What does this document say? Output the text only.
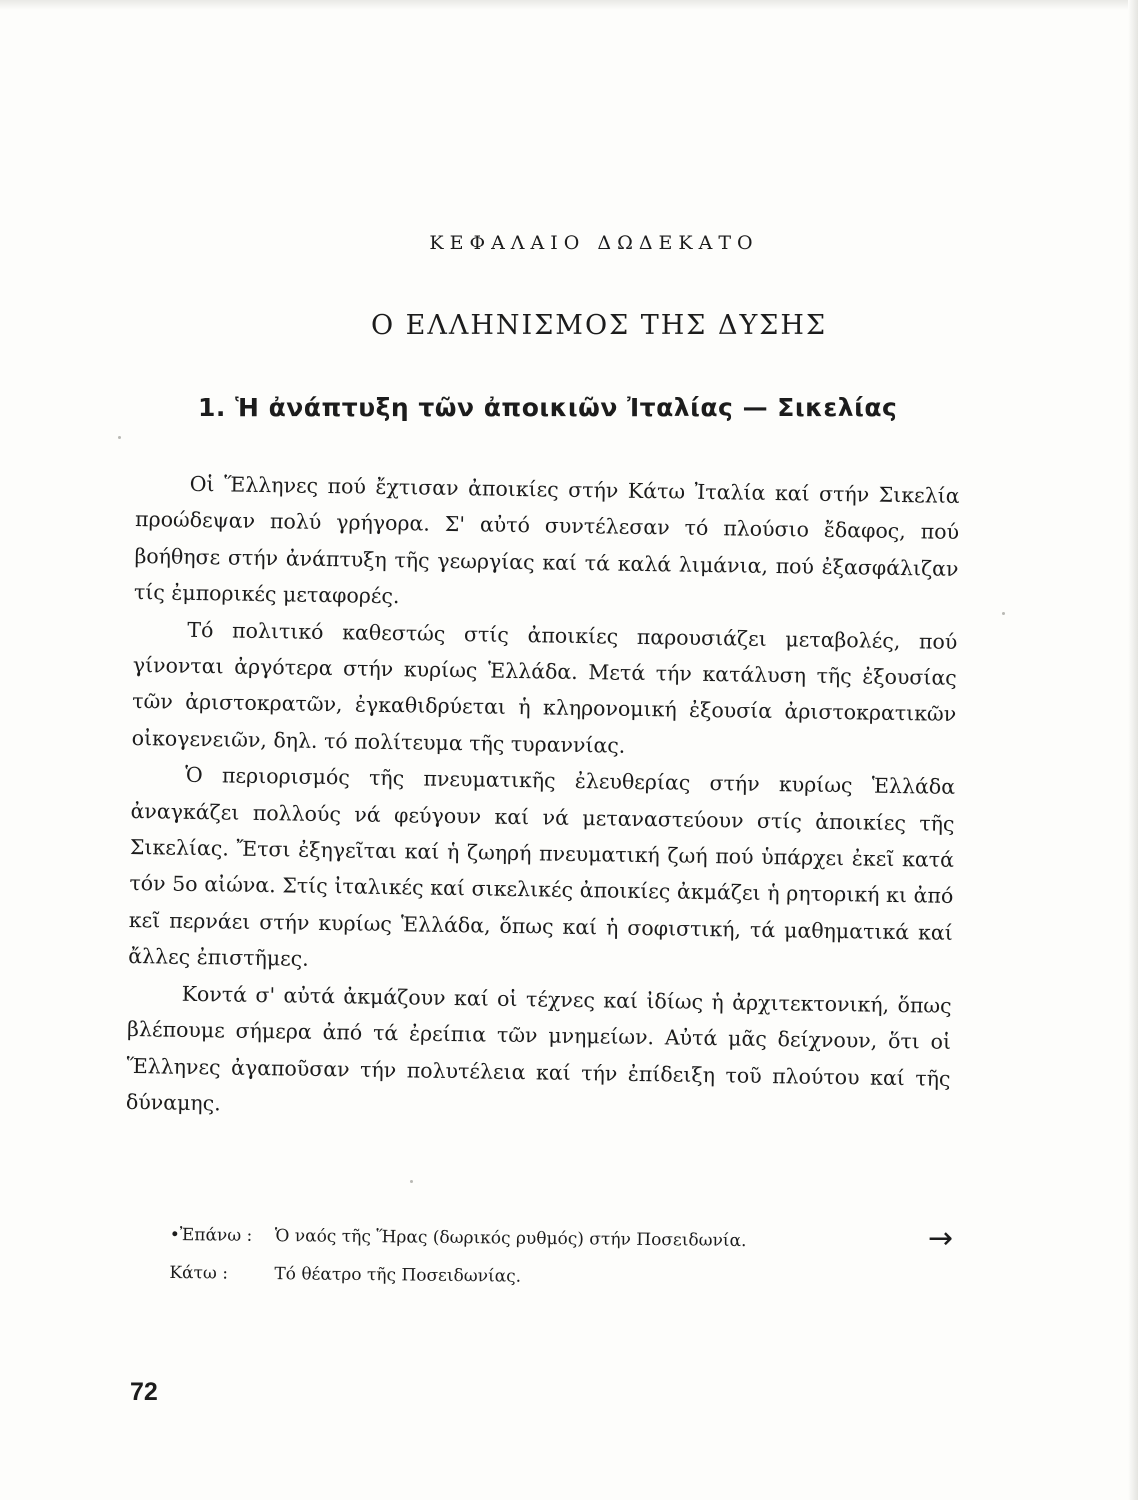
ΚΕΦΑΛΑΙΟ ΔΩΔΕΚΑΤΟ
Ο ΕΛΛΗΝΙΣΜΟΣ ΤΗΣ ΔΥΣΗΣ
1. Ἡ ἀνάπτυξη τῶν ἀποικιῶν Ἰταλίας — Σικελίας

Οἱ Ἕλληνες πού ἔχτισαν ἀποικίες στήν Κάτω Ἰταλία καί στήν Σικελία προώδεψαν πολύ γρήγορα. Σ' αὐτό συντέλεσαν τό πλούσιο ἔδαφος, πού βοήθησε στήν ἀνάπτυξη τῆς γεωργίας καί τά καλά λιμάνια, πού ἐξασφάλιζαν τίς ἐμπορικές μεταφορές.

Τό πολιτικό καθεστώς στίς ἀποικίες παρουσιάζει μεταβολές, πού γίνονται ἀργότερα στήν κυρίως Ἑλλάδα. Μετά τήν κατάλυση τῆς ἐξουσίας τῶν ἀριστοκρατῶν, ἐγκαθιδρύεται ἡ κληρονομική ἐξουσία ἀριστοκρατικῶν οἰκογενειῶν, δηλ. τό πολίτευμα τῆς τυραννίας.

Ὁ περιορισμός τῆς πνευματικῆς ἐλευθερίας στήν κυρίως Ἑλλάδα ἀναγκάζει πολλούς νά φεύγουν καί νά μεταναστεύουν στίς ἀποικίες τῆς Σικελίας. Ἔτσι ἐξηγεῖται καί ἡ ζωηρή πνευματική ζωή πού ὑπάρχει ἐκεῖ κατά τόν 5ο αἰώνα. Στίς ἰταλικές καί σικελικές ἀποικίες ἀκμάζει ἡ ρητορική κι ἀπό κεῖ περνάει στήν κυρίως Ἑλλάδα, ὅπως καί ἡ σοφιστική, τά μαθηματικά καί ἄλλες ἐπιστῆμες.

Κοντά σ' αὐτά ἀκμάζουν καί οἱ τέχνες καί ἰδίως ἡ ἀρχιτεκτονική, ὅπως βλέπουμε σήμερα ἀπό τά ἐρείπια τῶν μνημείων. Αὐτά μᾶς δείχνουν, ὅτι οἱ Ἕλληνες ἀγαποῦσαν τήν πολυτέλεια καί τήν ἐπίδειξη τοῦ πλούτου καί τῆς δύναμης.

•Ἐπάνω :	Ὁ ναός τῆς Ἥρας (δωρικός ρυθμός) στήν Ποσειδωνία.
Κάτω :	Τό θέατρο τῆς Ποσειδωνίας.
→
72
